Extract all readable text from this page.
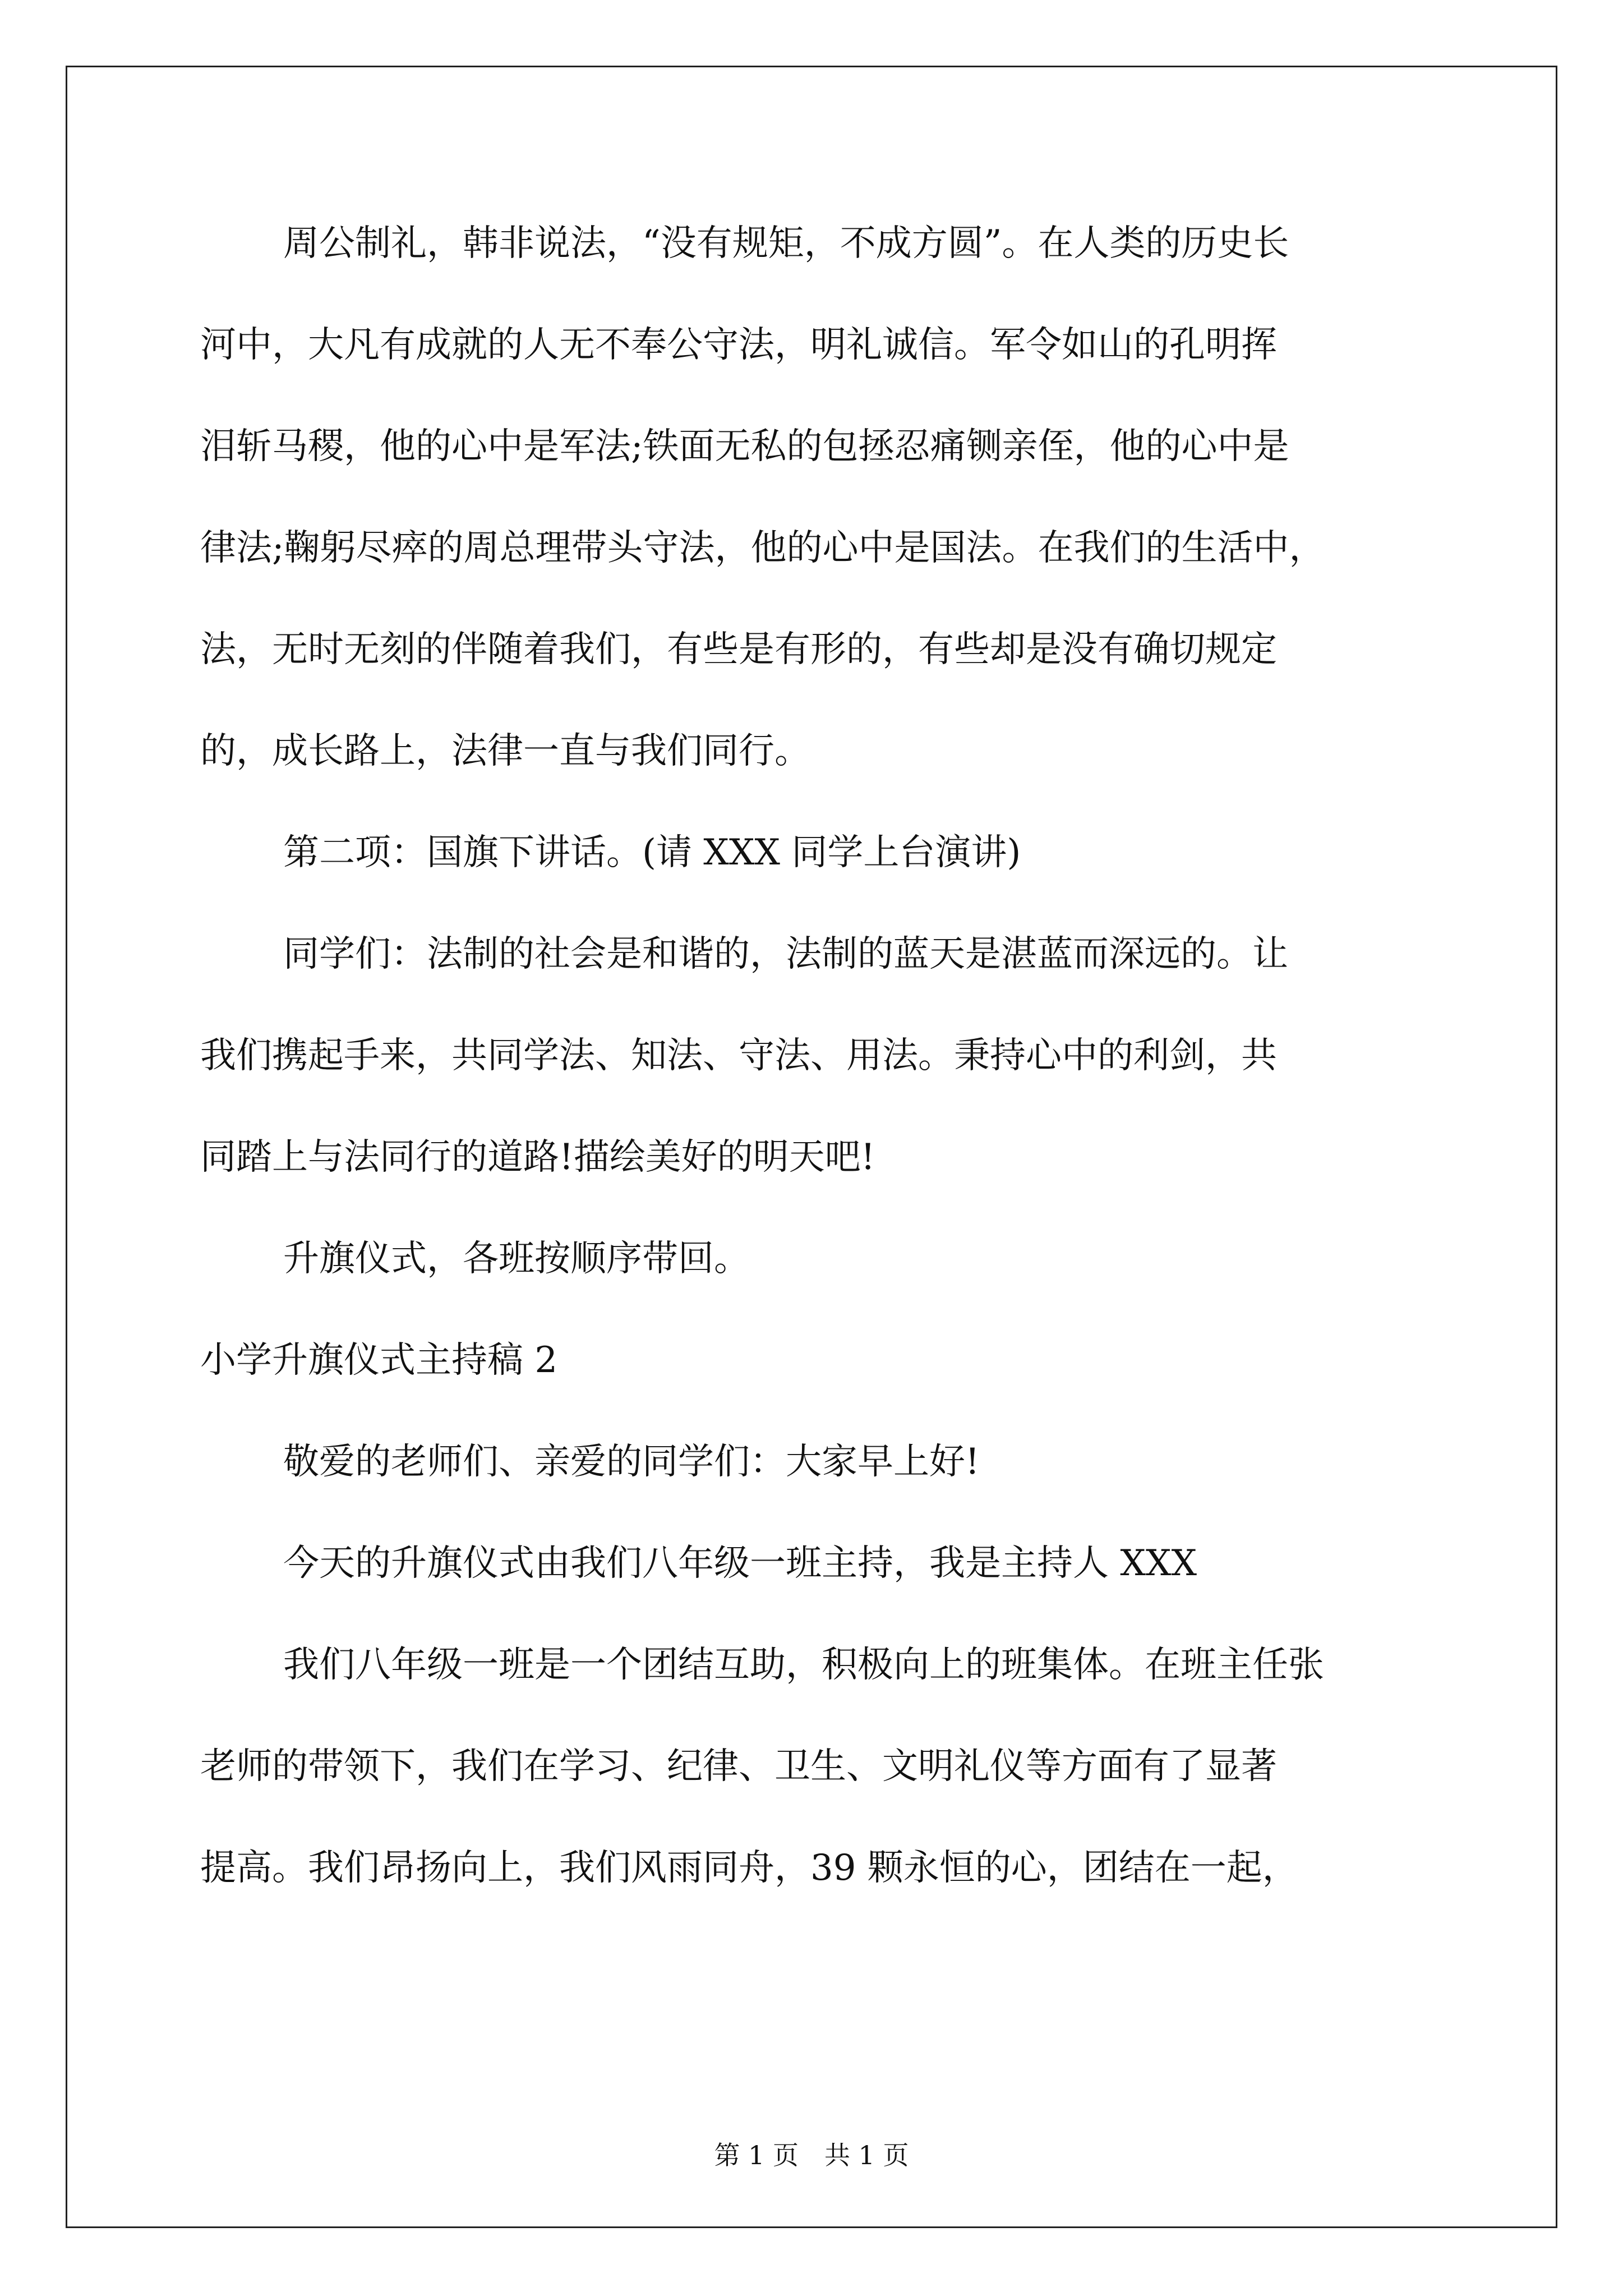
周公制礼，韩非说法，“没有规矩，不成方圆”。在人类的历史长

河中，大凡有成就的人无不奉公守法，明礼诚信。军令如山的孔明挥

泪斩马稷，他的心中是军法;铁面无私的包拯忍痛铡亲侄，他的心中是

律法;鞠躬尽瘁的周总理带头守法，他的心中是国法。在我们的生活中，

法，无时无刻的伴随着我们，有些是有形的，有些却是没有确切规定

的，成长路上，法律一直与我们同行。

第二项：国旗下讲话。(请 XXX 同学上台演讲)

同学们：法制的社会是和谐的，法制的蓝天是湛蓝而深远的。让

我们携起手来，共同学法、知法、守法、用法。秉持心中的利剑，共

同踏上与法同行的道路!描绘美好的明天吧!

升旗仪式，各班按顺序带回。

小学升旗仪式主持稿 2

敬爱的老师们、亲爱的同学们：大家早上好!

今天的升旗仪式由我们八年级一班主持，我是主持人 XXX

我们八年级一班是一个团结互助，积极向上的班集体。在班主任张

老师的带领下，我们在学习、纪律、卫生、文明礼仪等方面有了显著

提高。我们昂扬向上，我们风雨同舟，39 颗永恒的心，团结在一起，

第 1 页　共 1 页
